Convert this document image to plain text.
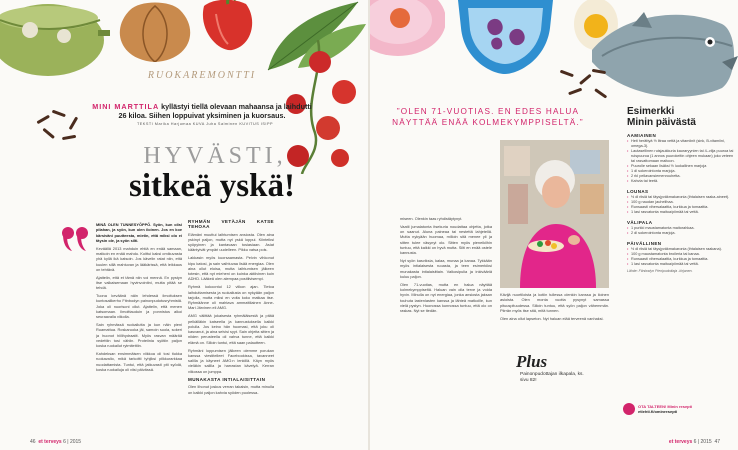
RUOKAREMONTTI
MINI MARTTILA kyllästyi tiellä olevaan mahaansa ja laihdutti 26 kiloa. Siihen loppuivat yksiminen ja kuorsaus.
TEKSTI Marika Harjumaa KUVA Juha Salminen KUVITUS ISIPP
HYVÄSTI,
sitkeä yskä!

MINÄ OLEN TUNNESYÖPPÖ. Syön, kun olisi pilahan, ja syön, kun olen iloinen. Jos en koe kärsiväni puutteesta, mietin, että miksi olo ei täysin ole, ja syön silti.

Keväällä 2013 mahduin ehtiä en enää samaan, matkoin en enää mahdu. Koittui kaksi omikuvasta yhä kyllä ikä katsoin. Jos kävelin ratat niin, että kuulen sillä mahtuvan ja lääkärissä, että leikkaus on tehtävä.

Ajattelin, että et tämä niin voi mennä. En pystyn itse valkaisemaan hyvinvointini, mutta pitää se tehdä.

Tuona keväänä näin lehdessä ilmoituksen kuntosalikerho Fitnbodyn painonpudotusryhmistä. Joka oli nuorisoni ollut. Ajattelin, että menen katsomaan. Ilmoittauduin ja ponnistus alkoi seuraavalla viikolla.

Sain ryhmässä ruokailutta ja kun näin pieni Ruamattua. Roskaruoka jäi, samoin suola, sokeri ja huonot hiilihydraatit. Myös rasvan määrää vedettiin tosi vähiin. Proteiinia syötiin paljon koska ruokailut rytmitettiin.

Kahdeksan ensimmäisen viikkoa oli tosi tiukka ruokavalio, mikä tarkoitti tyhjiksi pilkkurarkkaa nuodattamista. Tuntui, että jatkuvasti piti syödä, koska ruokailuja oli viisi päivässä.

RYHMÄN VETÄJÄN KATSE TEHOAA

Elämäni muuttui laihtumisen ansiosta. Olen aina yskinyt paljon, mutta nyt yskä loppui. Kiinteiksi syöpyinen ja kantavaan tosiasiaan. Asiat kääntyivät ympäri uudelleen. Pikku vatsa pois.

Lakkasin myös kuorsaamasta. Pelvin vihkonut kipu katosi, ja sain vaihtuvaa lisää energiaa. Olen aina ollut eloisa, mutta laihtumisen jälkeen totesin, että nyt mieheni on kuinka aktiivinen kuin ADHD. Lääkeä olen alempaa positiivisempi.

Ryhmä kokoontui 12 viikon ajan. Tietoa laihduttamisesta ja ruokailusta on nykyään paljon tarjolla, mutta miksi en voita koko matkaa itse. Ryhmäänne oli mahtava ammattilainen Anne-Mari Järvinen eli AMG.

AMG välittää jokaisesta ryhmäläisestä ja pitää pelkälläkin katseella ja kannustuksella kaikki polulla. Jos keino hän huomasi, että joku oli kasvanut, ja aina selvisi syyt. Sain ohjeita sitten ja niiden perusteella oli vahva tunne, että kaikki elämä on. Silloin tuntui, että saan palautteen.

Ryhmäni loppumisen jälkeen olemme porukan kanssa viestitelleet Facebookissa, tavanneet salilla ja käyneet AMG:n lenkillä. Käyn myös vieläkin salilla ja harrastan kävelyä. Kerran viikossa on jumppa.

MUNAKASTA INTIALAISITTAIN

Olen lihonut joskus verran takaisin, mutta minulla on kaikki paljon kahvia syöden puolessa-

46 et terveys 6 | 2015
”OLEN 71-VUOTIAS. EN EDES HALUA NÄYTTÄÄ ENÄÄ KOLMEKYMPPISELTÄ.”

miseen. Olenkin taas ryhdistäytynyt.

Vaatii jumalatonta itsekuria noudattaa ohjetta, jotka on saanut. Aluna paineaa tai nestettä lahjetellä. Mutta nykyään huomaa, milloin sitä menee yli ja sitten tulee väsynyt olo. Sitten myös pieneikilhin tuntuu, että kaikki on hyvä mutta. Silti en enää ostele kannusta.

Nyt syön kasviksia, kalaa, munaa ja kanaa. Tykkään myös intialaisesta ruoasta, ja teen esimerkiksi munakasta intialaisittain. Valkosipulia ja inkivääriä kuluu paljon.

Olen 71-vuotias, mutta en halua näyttää kolmekymppiseltä. Haluan vain olla terve ja voida hyvin. Minulla on nyt energiaa, jonka ansiosta jaksan touhuta lastenlasten kanssa ja lähteä matkoille, kun vielä pystyn. Huonossa kunnossa tuntuu, että olo on raskas. Nyt se tiedän.

Kävijä nuortiloista ja kotiin tullessa olenkin kanssa ja iloinen asioista. Olen monta vuotta pysynyt samassa pituuspituudessa. Silloin tuntuu, että syön paljon vähemmän. Piirrän myös itse sitä, mitä tunnen.

Olen aina ollut lapseton. Nyt haluan elää terveenä vanhaksi.

Plus
Painonpudottajan ilkapala, ks. sivu 82!
Esimerkki
Minin päivästä
AAMIAINEN
• Heti herättyä ½ litraa vettä ja vitamiinit (sink, B-vitamiini, omega-3).
• Lautasellinen ruisjaukkuria kauraryynien tai 4–vilja puuroa tai ruispuuroa (1 annos puurokeitin ohjeen mukaan) joko veteen tai rasvattomaan maitoon.
• Puurolle sekaan lisäksi ½ luokallinen marjoja
• 1 dl sokerointonta marjoja.
• 2 rkl pellavansiemenrouhetta.
• Kahvia tai teetä.
LOUNAS
• ½ dl riisiä tai täysjyväkmakaronia (ihtalaisen raaka-aineet).
• 100 g naudan jauhelihaa.
• Runsaasti vihersalaattia, kurkkua ja tomaattia.
• 1 lasi rasvatonta maitoa/piimää tai vettä.
VÄLIPALA
• 1 purkki maustamatonta maitorahkaa.
• 2 dl sokerointonta marjoja.
PÄIVÄLLINEN
• ½ dl riisiä tai täysjyväkmakaronia (ihtalaisen raakana).
• 100 g maustamatonta broileria tai kanaa.
• Runsaasti vihersalaattia, kurkkua ja tomaattia.
• 1 lasi rasvatonta maitoa/piimää tai vettä.
Lähde: Fitnbodyn Pienipudottaja -kirjanen.
OTA TALTEEN! Minin resepti
etlehti.fi/ominresepti
et terveys 6 | 2015 47
